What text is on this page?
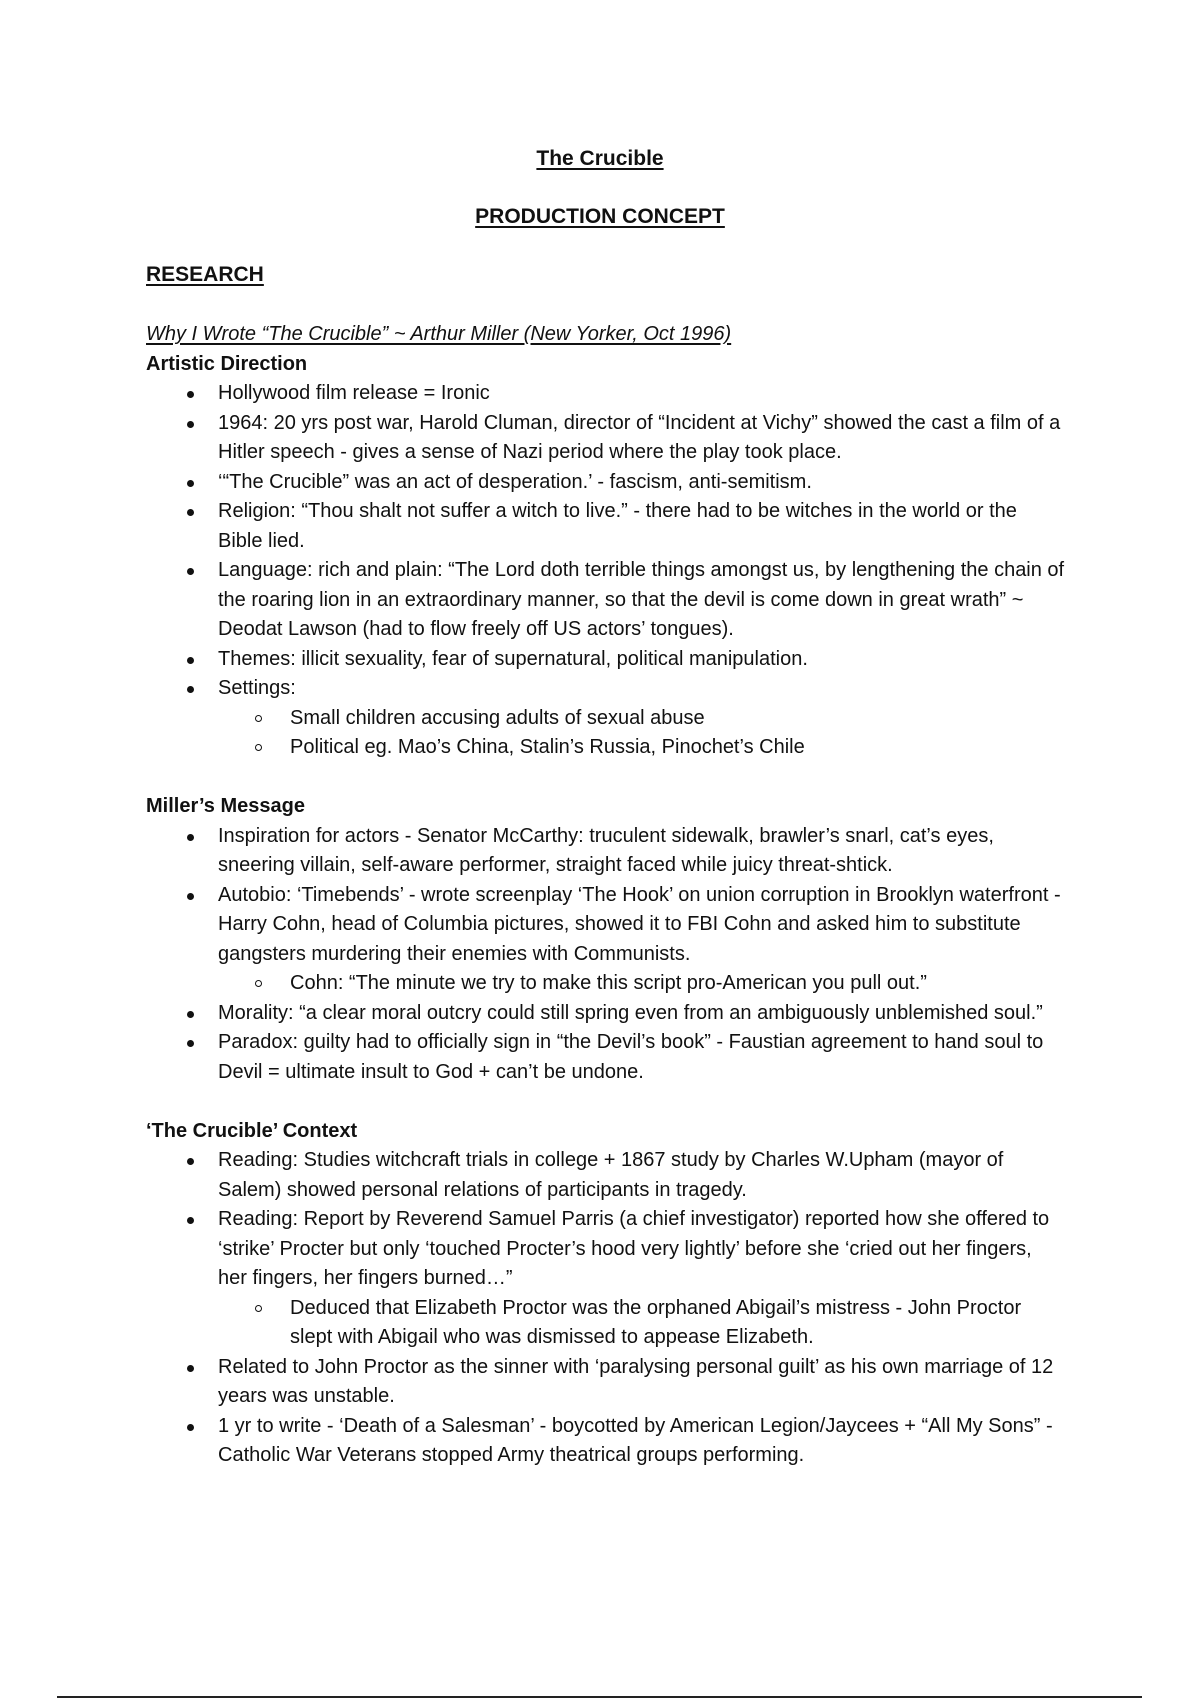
The Crucible
PRODUCTION CONCEPT
RESEARCH
Why I Wrote “The Crucible” ~ Arthur Miller (New Yorker, Oct 1996)
Artistic Direction
Hollywood film release = Ironic
1964: 20 yrs post war, Harold Cluman, director of “Incident at Vichy” showed the cast a film of a Hitler speech - gives a sense of Nazi period where the play took place.
‘“The Crucible” was an act of desperation.’ - fascism, anti-semitism.
Religion: “Thou shalt not suffer a witch to live.” - there had to be witches in the world or the Bible lied.
Language: rich and plain: “The Lord doth terrible things amongst us, by lengthening the chain of the roaring lion in an extraordinary manner, so that the devil is come down in great wrath” ~ Deodat Lawson (had to flow freely off US actors’ tongues).
Themes: illicit sexuality, fear of supernatural, political manipulation.
Settings:
Small children accusing adults of sexual abuse
Political eg. Mao’s China, Stalin’s Russia, Pinochet’s Chile
Miller’s Message
Inspiration for actors - Senator McCarthy: truculent sidewalk, brawler’s snarl, cat’s eyes, sneering villain, self-aware performer, straight faced while juicy threat-shtick.
Autobio: ‘Timebends’ - wrote screenplay ‘The Hook’ on union corruption in Brooklyn waterfront - Harry Cohn, head of Columbia pictures, showed it to FBI Cohn and asked him to substitute gangsters murdering their enemies with Communists.
Cohn: “The minute we try to make this script pro-American you pull out.”
Morality: “a clear moral outcry could still spring even from an ambiguously unblemished soul.”
Paradox: guilty had to officially sign in “the Devil’s book” - Faustian agreement to hand soul to Devil = ultimate insult to God + can’t be undone.
‘The Crucible’ Context
Reading: Studies witchcraft trials in college + 1867 study by Charles W.Upham (mayor of Salem) showed personal relations of participants in tragedy.
Reading: Report by Reverend Samuel Parris (a chief investigator) reported how she offered to ‘strike’ Procter but only ‘touched Procter’s hood very lightly’ before she ‘cried out her fingers, her fingers, her fingers burned…”
Deduced that Elizabeth Proctor was the orphaned Abigail’s mistress - John Proctor slept with Abigail who was dismissed to appease Elizabeth.
Related to John Proctor as the sinner with ‘paralysing personal guilt’ as his own marriage of 12 years was unstable.
1 yr to write - ‘Death of a Salesman’ - boycotted by American Legion/Jaycees + “All My Sons” - Catholic War Veterans stopped Army theatrical groups performing.
